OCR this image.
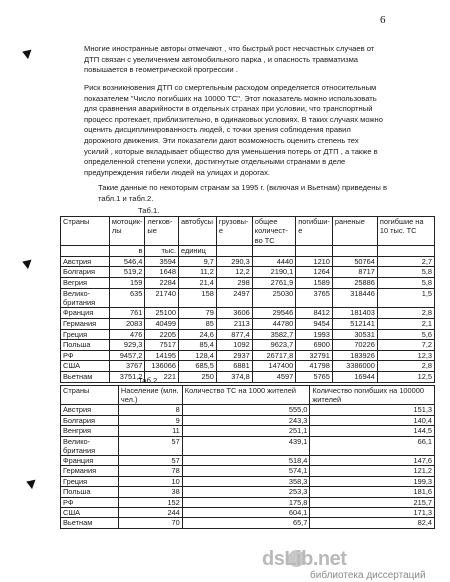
6

Многие иностранные авторы отмечают , что быстрый рост несчастных случаев от ДТП связан с увеличением автомобильного парка , и опасность травматизма повышается в геометрической прогрессии .

Риск возникновения ДТП со смертельным расходом определяется относительным показателем "Число погибших на 10000 ТС". Этот показатель можно использовать для сравнения аварийности в отдельных странах при условии, что транспортный процесс протекает, приблизительно, в одинаковых условиях. В таких случаях можно оценить дисциплинированность людей, с точки зрения соблюдения правил дорожного движения. Эти показатели дают возможность оценить степень тех усилий , которые вкладывает общество для уменьшения потерь от ДТП , а также в определенной степени успехи, достигнутые отдельными странами в деле предупреждения гибели людей на улицах и дорогах.

Такие данные по некоторым странам за 1995 г. (включая и Вьетнам) приведены в табл.1 и табл.2.

Таб.1.
Страны	мотоцик-лы	легков-ые	автобусы	грузовы-е	общее количест-во ТС	погибши-е	раненые	погибшие на 10 тыс. ТС
	в	тыс.	единиц					
Австрия	546,4	3594	9,7	290,3	4440	1210	50764	2,7
Болгария	519,2	1648	11,2	12,2	2190,1	1264	8717	5,8
Вегрия	159	2284	21,4	298	2761,9	1589	25886	5,8
Велико-британия	635	21740	158	2497	25030	3765	318446	1,5
Франция	761	25100	79	3606	29546	8412	181403	2,8
Германия	2083	40499	85	2113	44780	9454	512141	2,1
Греция	476	2205	24,6	877,4	3582,7	1993	30531	5,6
Польша	929,3	7517	85,4	1092	9623,7	6900	70226	7,2
РФ	9457,2	14195	128,4	2937	26717,8	32791	183926	12,3
США	3767	136066	685,5	6881	147400	41798	3386000	2,8
Вьетнам	3751,2	221	250	374,8	4597	5765	16944	12,5
Таб.2.
Страны	Население (млн. чел.)	Количество ТС на 1000 жителей	Количество погибших на 100000 жителей
Австрия	8	555,0	151,3
Болгария	9	243,3	140,4
Венгрия	11	251,1	144,5
Велико-британия	57	439,1	66,1
Франция	57	518,4	147,6
Германия	78	574,1	121,2
Греция	10	358,3	199,3
Польша	38	253,3	181,6
РФ	152	175,8	215,7
США	244	604,1	171,3
Вьетнам	70	65,7	82,4
dsLib.net
библиотека диссертаций
